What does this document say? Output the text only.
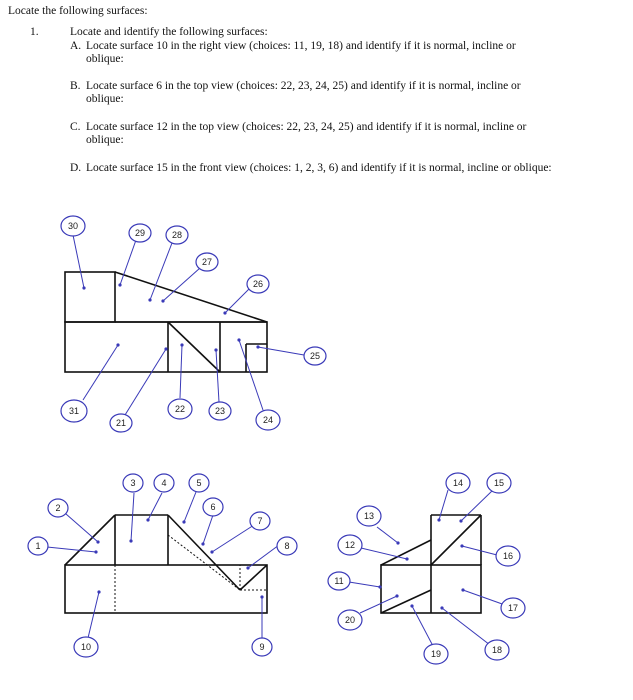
Locate the following surfaces:
1.	Locate and identify the following surfaces:
A. Locate surface 10 in the right view (choices: 11, 19, 18) and identify if it is normal, incline or
oblique:
B. Locate surface 6 in the top view (choices: 22, 23, 24, 25) and identify if it is normal, incline or
oblique:
C. Locate surface 12 in the top view (choices: 22, 23, 24, 25) and identify if it is normal, incline or
oblique:
D. Locate surface 15 in the front view (choices: 1, 2, 3, 6) and identify if it is normal, incline or oblique:
30
29	28
27
26
25
24
23
22
21
31
2
1
3	4	5
6
7
8
9
10
14	15
13
12
16
11
17
20
19	18
